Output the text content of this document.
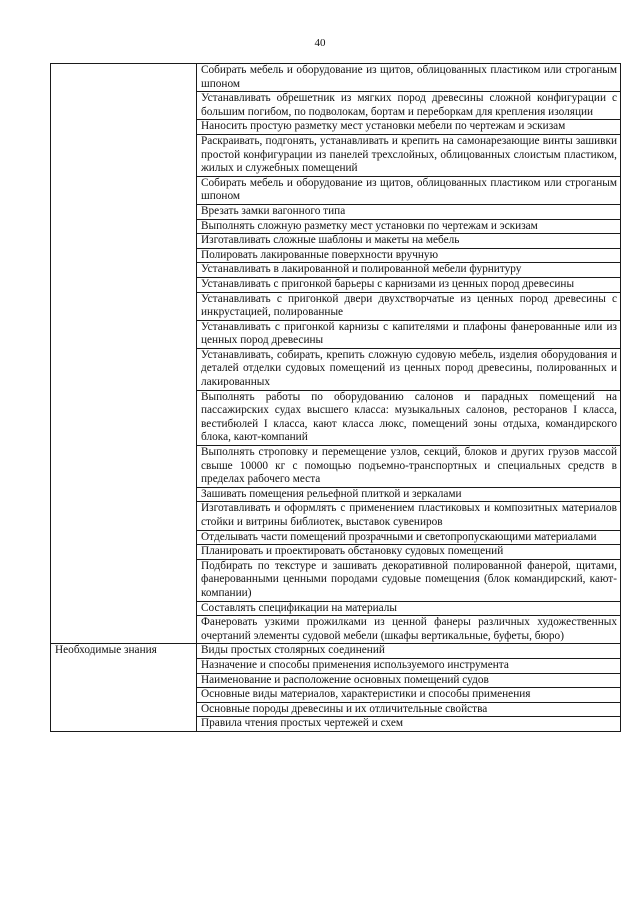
40

	Собирать мебель и оборудование из щитов, облицованных пластиком или строганым шпоном

	Устанавливать обрешетник из мягких пород древесины сложной конфигурации с большим погибом, по подволокам, бортам и переборкам для крепления изоляции

	Наносить простую разметку мест установки мебели по чертежам и эскизам

	Раскраивать, подгонять, устанавливать и крепить на самонарезающие винты зашивки простой конфигурации из панелей трехслойных, облицованных слоистым пластиком, жилых и служебных помещений

	Собирать мебель и оборудование из щитов, облицованных пластиком или строганым шпоном

	Врезать замки вагонного типа

	Выполнять сложную разметку мест установки по чертежам и эскизам

	Изготавливать сложные шаблоны и макеты на мебель

	Полировать лакированные поверхности вручную

	Устанавливать в лакированной и полированной мебели фурнитуру

	Устанавливать с пригонкой барьеры с карнизами из ценных пород древесины

	Устанавливать с пригонкой двери двухстворчатые из ценных пород древесины с инкрустацией, полированные

	Устанавливать с пригонкой карнизы с капителями и плафоны фанерованные или из ценных пород древесины

	Устанавливать, собирать, крепить сложную судовую мебель, изделия оборудования и деталей отделки судовых помещений из ценных пород древесины, полированных и лакированных

	Выполнять работы по оборудованию салонов и парадных помещений на пассажирских судах высшего класса: музыкальных салонов, ресторанов I класса, вестибюлей I класса, кают класса люкс, помещений зоны отдыха, командирского блока, кают-компаний

	Выполнять строповку и перемещение узлов, секций, блоков и других грузов массой свыше 10000 кг с помощью подъемно-транспортных и специальных средств в пределах рабочего места

	Зашивать помещения рельефной плиткой и зеркалами

	Изготавливать и оформлять с применением пластиковых и композитных материалов стойки и витрины библиотек, выставок сувениров

	Отделывать части помещений прозрачными и светопропускающими материалами

	Планировать и проектировать обстановку судовых помещений

	Подбирать по текстуре и зашивать декоративной полированной фанерой, щитами, фанерованными ценными породами судовые помещения (блок командирский, кают-компании)

	Составлять спецификации на материалы

	Фанеровать узкими прожилками из ценной фанеры различных художественных очертаний элементы судовой мебели (шкафы вертикальные, буфеты, бюро)

Необходимые знания	Виды простых столярных соединений

	Назначение и способы применения используемого инструмента

	Наименование и расположение основных помещений судов

	Основные виды материалов, характеристики и способы применения

	Основные породы древесины и их отличительные свойства

	Правила чтения простых чертежей и схем
